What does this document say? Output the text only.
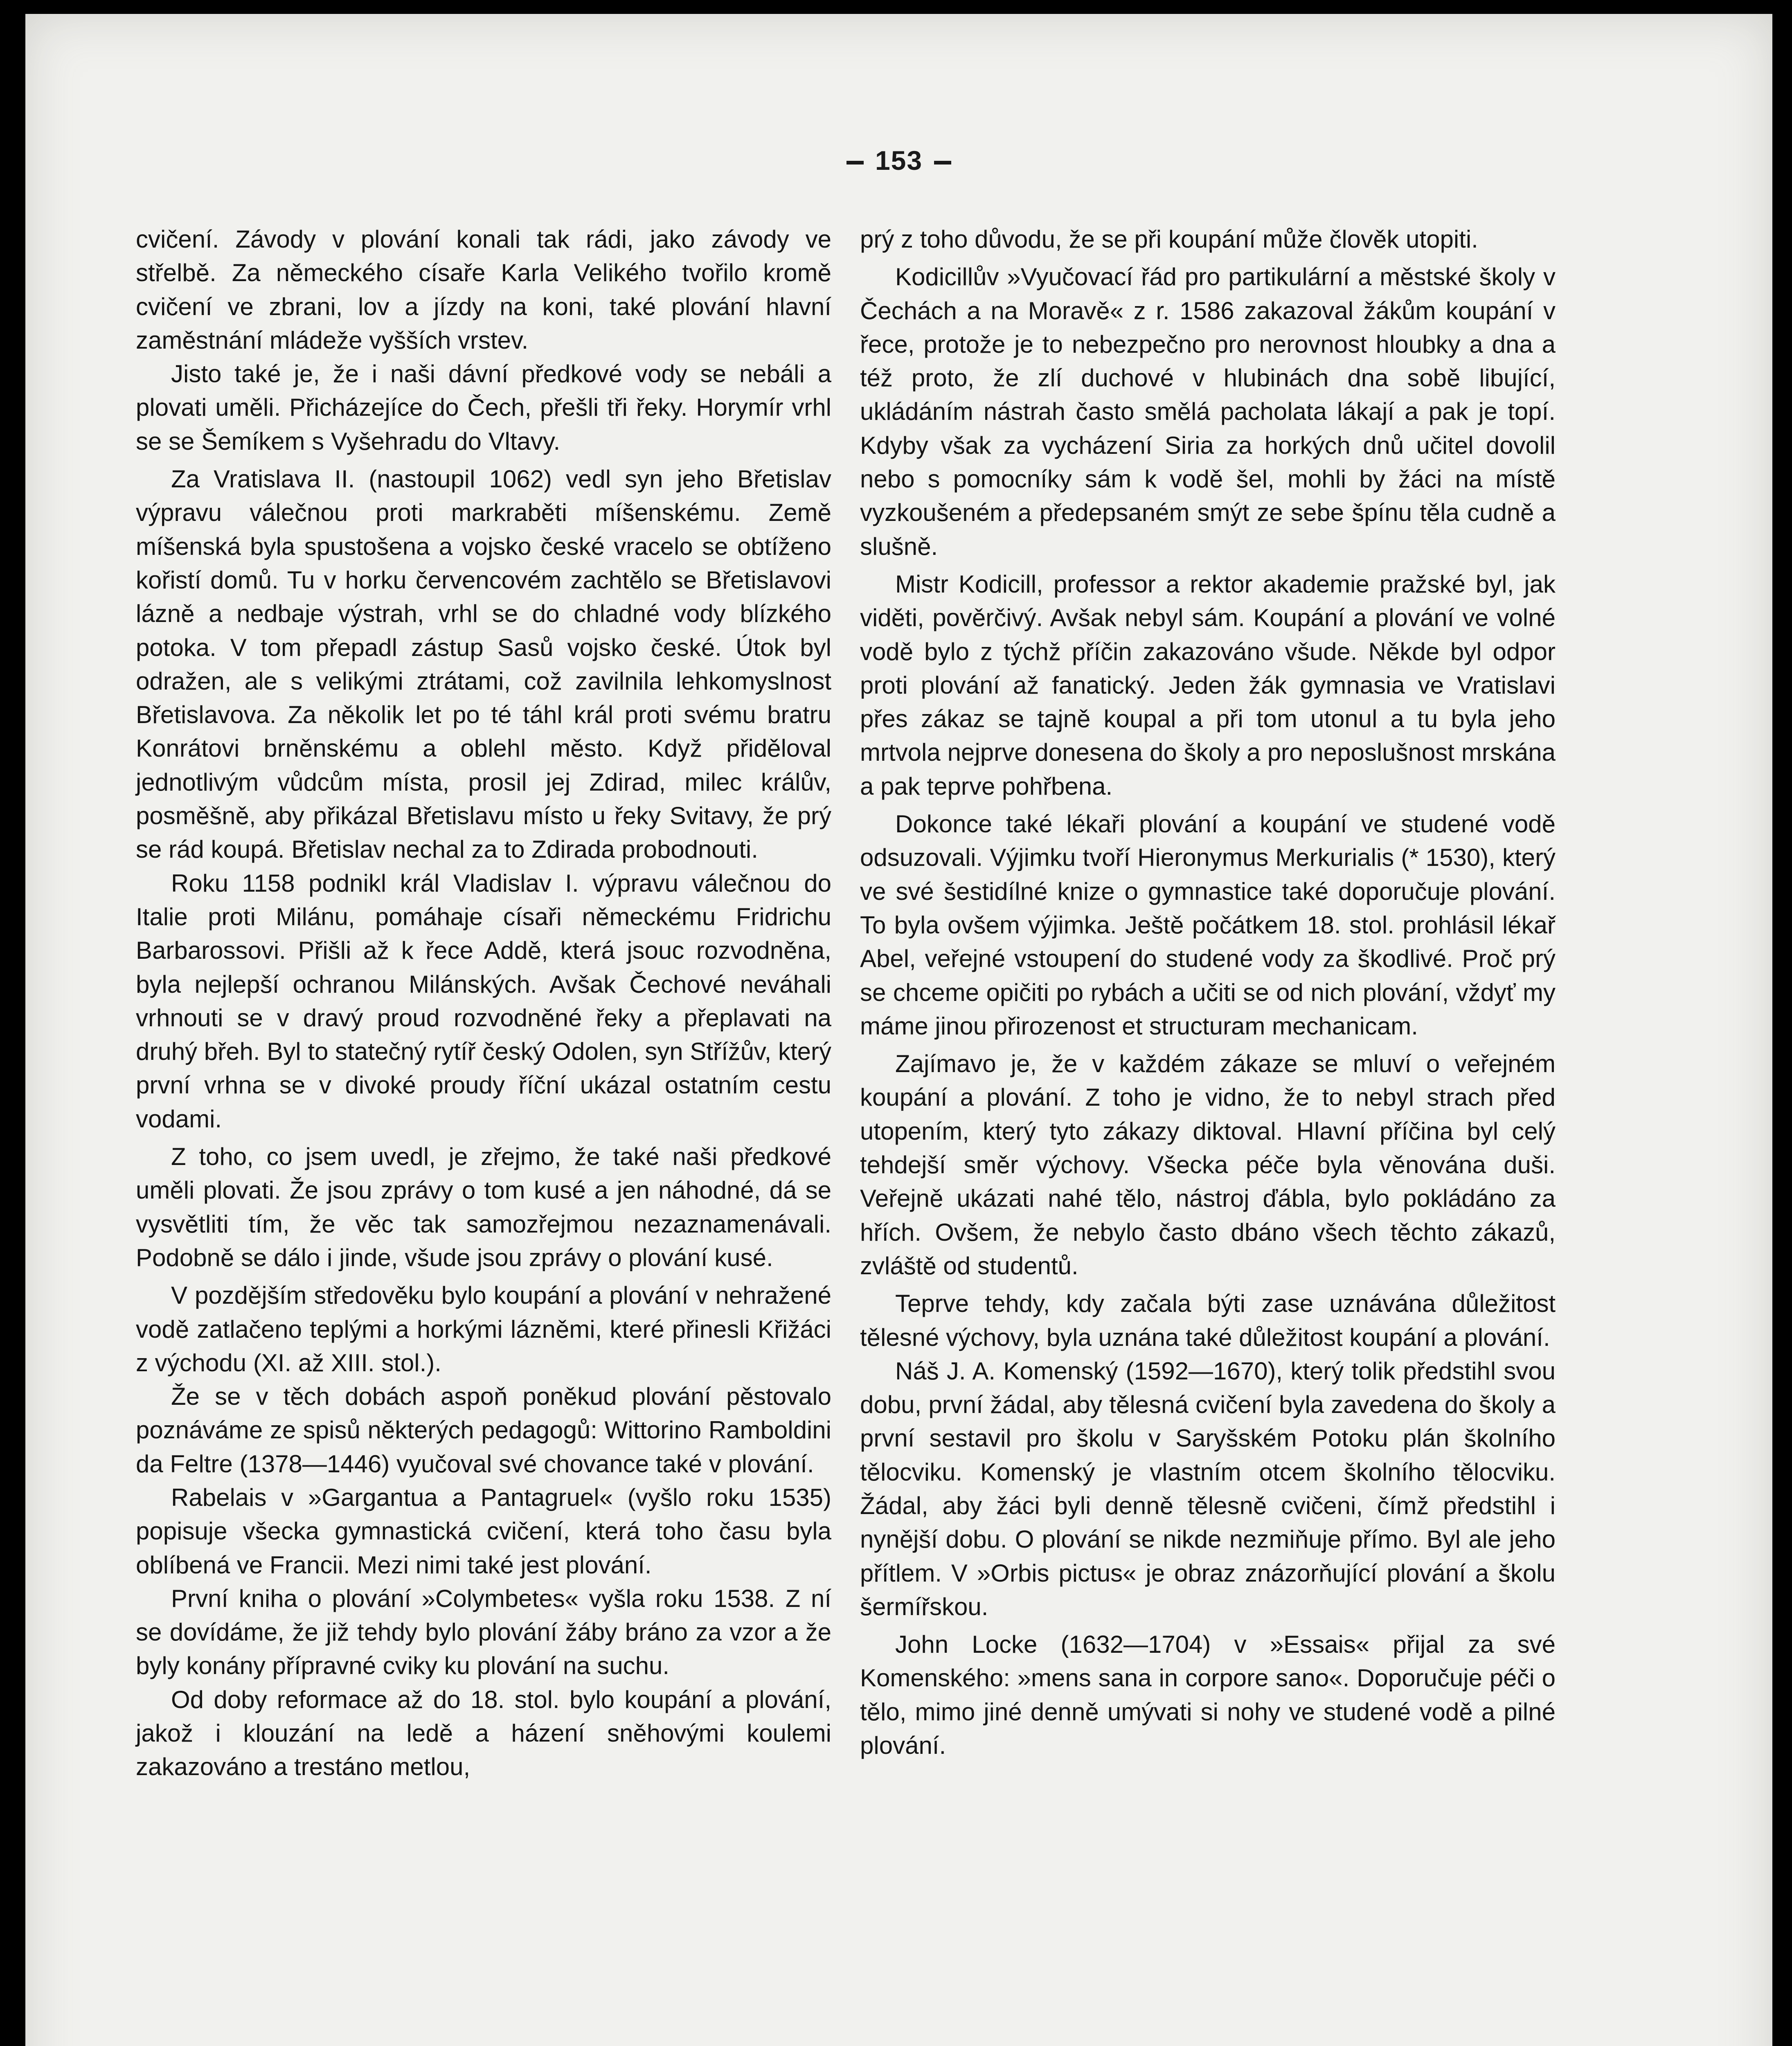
153

cvičení. Závody v plování konali tak rádi, jako závody ve střelbě. Za německého císaře Karla Velikého tvořilo kromě cvičení ve zbrani, lov a jízdy na koni, také plování hlavní zaměstnání mládeže vyšších vrstev.

Jisto také je, že i naši dávní předkové vody se nebáli a plovati uměli. Přicházejíce do Čech, přešli tři řeky. Horymír vrhl se se Šemíkem s Vyšehradu do Vltavy.

Za Vratislava II. (nastoupil 1062) vedl syn jeho Břetislav výpravu válečnou proti markraběti míšenskému. Země míšenská byla spustošena a vojsko české vracelo se obtíženo kořistí domů. Tu v horku červencovém zachtělo se Břetislavovi lázně a nedbaje výstrah, vrhl se do chladné vody blízkého potoka. V tom přepadl zástup Sasů vojsko české. Útok byl odražen, ale s velikými ztrátami, což zavilnila lehkomyslnost Břetislavova. Za několik let po té táhl král proti svému bratru Konrátovi brněnskému a oblehl město. Když přiděloval jednotlivým vůdcům místa, prosil jej Zdirad, milec králův, posměšně, aby přikázal Břetislavu místo u řeky Svitavy, že prý se rád koupá. Břetislav nechal za to Zdirada probodnouti.

Roku 1158 podnikl král Vladislav I. výpravu válečnou do Italie proti Milánu, pomáhaje císaři německému Fridrichu Barbarossovi. Přišli až k řece Addě, která jsouc rozvodněna, byla nejlepší ochranou Milánských. Avšak Čechové neváhali vrhnouti se v dravý proud rozvodněné řeky a přeplavati na druhý břeh. Byl to statečný rytíř český Odolen, syn Střížův, který první vrhna se v divoké proudy říční ukázal ostatním cestu vodami.

Z toho, co jsem uvedl, je zřejmo, že také naši předkové uměli plovati. Že jsou zprávy o tom kusé a jen náhodné, dá se vysvětliti tím, že věc tak samozřejmou nezaznamenávali. Podobně se dálo i jinde, všude jsou zprávy o plování kusé.

V pozdějším středověku bylo koupání a plování v nehražené vodě zatlačeno teplými a horkými lázněmi, které přinesli Křižáci z východu (XI. až XIII. stol.).

Že se v těch dobách aspoň poněkud plování pěstovalo poznáváme ze spisů některých pedagogů: Wittorino Ramboldini da Feltre (1378—1446) vyučoval své chovance také v plování.

Rabelais v »Gargantua a Pantagruel« (vyšlo roku 1535) popisuje všecka gymnastická cvičení, která toho času byla oblíbená ve Francii. Mezi nimi také jest plování.

První kniha o plování »Colymbetes« vyšla roku 1538. Z ní se dovídáme, že již tehdy bylo plování žáby bráno za vzor a že byly konány přípravné cviky ku plování na suchu.

Od doby reformace až do 18. stol. bylo koupání a plování, jakož i klouzání na ledě a házení sněhovými koulemi zakazováno a trestáno metlou,

prý z toho důvodu, že se při koupání může člověk utopiti.

Kodicillův »Vyučovací řád pro partikulární a městské školy v Čechách a na Moravě« z r. 1586 zakazoval žákům koupání v řece, protože je to nebezpečno pro nerovnost hloubky a dna a též proto, že zlí duchové v hlubinách dna sobě libující, ukládáním nástrah často smělá pacholata lákají a pak je topí. Kdyby však za vycházení Siria za horkých dnů učitel dovolil nebo s pomocníky sám k vodě šel, mohli by žáci na místě vyzkoušeném a předepsaném smýt ze sebe špínu těla cudně a slušně.

Mistr Kodicill, professor a rektor akademie pražské byl, jak viděti, pověrčivý. Avšak nebyl sám. Koupání a plování ve volné vodě bylo z týchž příčin zakazováno všude. Někde byl odpor proti plování až fanatický. Jeden žák gymnasia ve Vratislavi přes zákaz se tajně koupal a při tom utonul a tu byla jeho mrtvola nejprve donesena do školy a pro neposlušnost mrskána a pak teprve pohřbena.

Dokonce také lékaři plování a koupání ve studené vodě odsuzovali. Výjimku tvoří Hieronymus Merkurialis (* 1530), který ve své šestidílné knize o gymnastice také doporučuje plování. To byla ovšem výjimka. Ještě počátkem 18. stol. prohlásil lékař Abel, veřejné vstoupení do studené vody za škodlivé. Proč prý se chceme opičiti po rybách a učiti se od nich plování, vždyť my máme jinou přirozenost et structuram mechanicam.

Zajímavo je, že v každém zákaze se mluví o veřejném koupání a plování. Z toho je vidno, že to nebyl strach před utopením, který tyto zákazy diktoval. Hlavní příčina byl celý tehdejší směr výchovy. Všecka péče byla věnována duši. Veřejně ukázati nahé tělo, nástroj ďábla, bylo pokládáno za hřích. Ovšem, že nebylo často dbáno všech těchto zákazů, zvláště od studentů.

Teprve tehdy, kdy začala býti zase uznávána důležitost tělesné výchovy, byla uznána také důležitost koupání a plování.

Náš J. A. Komenský (1592—1670), který tolik předstihl svou dobu, první žádal, aby tělesná cvičení byla zavedena do školy a první sestavil pro školu v Saryšském Potoku plán školního tělocviku. Komenský je vlastním otcem školního tělocviku. Žádal, aby žáci byli denně tělesně cvičeni, čímž předstihl i nynější dobu. O plování se nikde nezmiňuje přímo. Byl ale jeho přítlem. V »Orbis pictus« je obraz znázorňující plování a školu šermířskou.

John Locke (1632—1704) v »Essais« přijal za své Komenského: »mens sana in corpore sano«. Doporučuje péči o tělo, mimo jiné denně umývati si nohy ve studené vodě a pilné plování.
